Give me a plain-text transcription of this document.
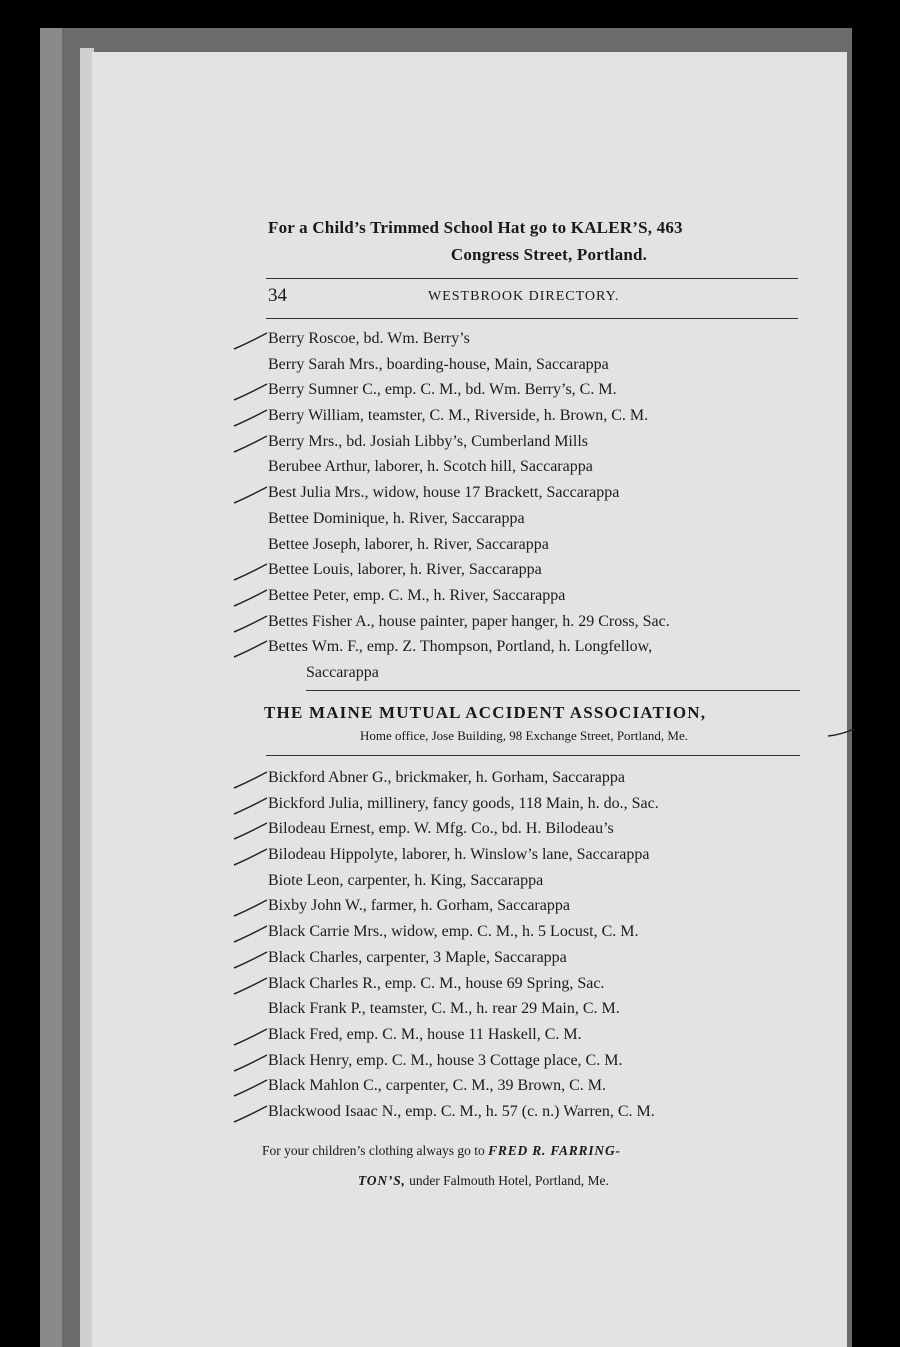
For a Child’s Trimmed School Hat go to KALER’S, 463
Congress Street, Portland.
34	WESTBROOK DIRECTORY.
Berry Roscoe, bd. Wm. Berry’s
Berry Sarah Mrs., boarding-house, Main, Saccarappa
Berry Sumner C., emp. C. M., bd. Wm. Berry’s, C. M.
Berry William, teamster, C. M., Riverside, h. Brown, C. M.
Berry Mrs., bd. Josiah Libby’s, Cumberland Mills
Berubee Arthur, laborer, h. Scotch hill, Saccarappa
Best Julia Mrs., widow, house 17 Brackett, Saccarappa
Bettee Dominique, h. River, Saccarappa
Bettee Joseph, laborer, h. River, Saccarappa
Bettee Louis, laborer, h. River, Saccarappa
Bettee Peter, emp. C. M., h. River, Saccarappa
Bettes Fisher A., house painter, paper hanger, h. 29 Cross, Sac.
Bettes Wm. F., emp. Z. Thompson, Portland, h. Longfellow,
Saccarappa
THE MAINE MUTUAL ACCIDENT ASSOCIATION,
Home office, Jose Building, 98 Exchange Street, Portland, Me.
Bickford Abner G., brickmaker, h. Gorham, Saccarappa
Bickford Julia, millinery, fancy goods, 118 Main, h. do., Sac.
Bilodeau Ernest, emp. W. Mfg. Co., bd. H. Bilodeau’s
Bilodeau Hippolyte, laborer, h. Winslow’s lane, Saccarappa
Biote Leon, carpenter, h. King, Saccarappa
Bixby John W., farmer, h. Gorham, Saccarappa
Black Carrie Mrs., widow, emp. C. M., h. 5 Locust, C. M.
Black Charles, carpenter, 3 Maple, Saccarappa
Black Charles R., emp. C. M., house 69 Spring, Sac.
Black Frank P., teamster, C. M., h. rear 29 Main, C. M.
Black Fred, emp. C. M., house 11 Haskell, C. M.
Black Henry, emp. C. M., house 3 Cottage place, C. M.
Black Mahlon C., carpenter, C. M., 39 Brown, C. M.
Blackwood Isaac N., emp. C. M., h. 57 (c. n.) Warren, C. M.
For your children’s clothing always go to FRED R. FARRING-
TON’S, under Falmouth Hotel, Portland, Me.
